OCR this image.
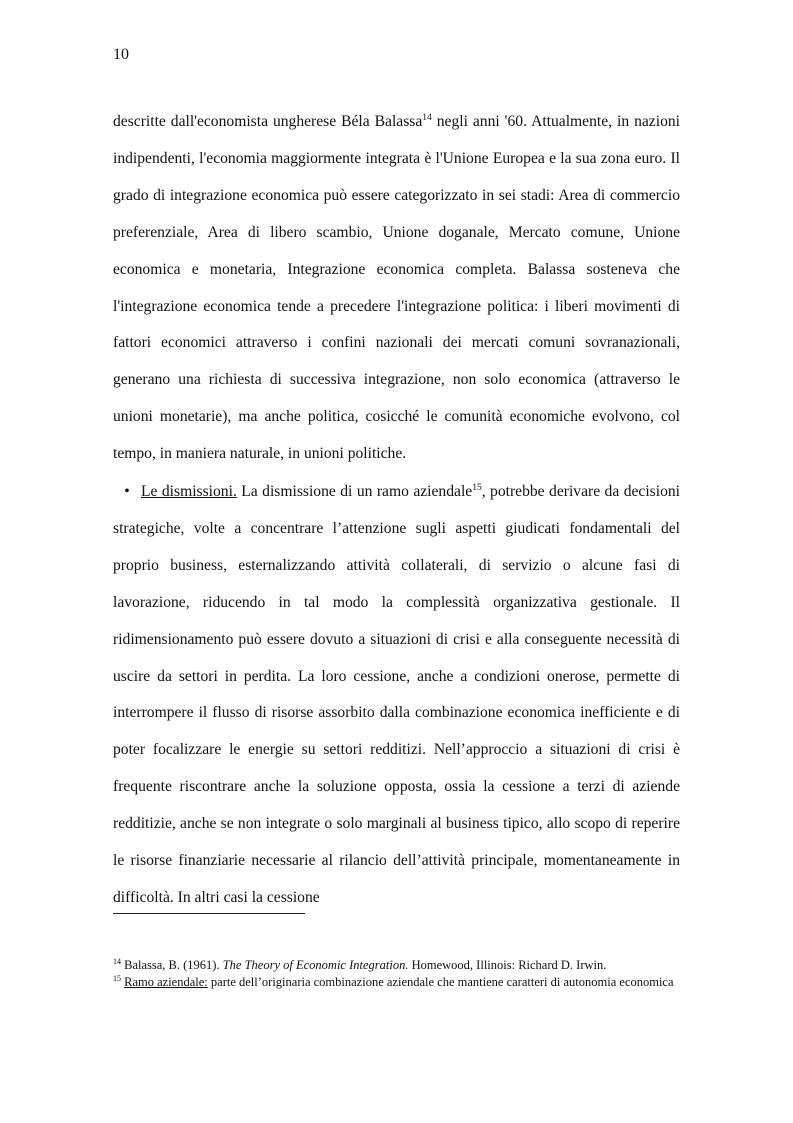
10

descritte dall'economista ungherese Béla Balassa$^{14}$ negli anni '60. Attualmente, in nazioni indipendenti, l'economia maggiormente integrata è l'Unione Europea e la sua zona euro. Il grado di integrazione economica può essere categorizzato in sei stadi: Area di commercio preferenziale, Area di libero scambio, Unione doganale, Mercato comune, Unione economica e monetaria, Integrazione economica completa. Balassa sosteneva che l'integrazione economica tende a precedere l'integrazione politica: i liberi movimenti di fattori economici attraverso i confini nazionali dei mercati comuni sovranazionali, generano una richiesta di successiva integrazione, non solo economica (attraverso le unioni monetarie), ma anche politica, cosicché le comunità economiche evolvono, col tempo, in maniera naturale, in unioni politiche.

• Le dismissioni. La dismissione di un ramo aziendale$^{15}$, potrebbe derivare da decisioni strategiche, volte a concentrare l’attenzione sugli aspetti giudicati fondamentali del proprio business, esternalizzando attività collaterali, di servizio o alcune fasi di lavorazione, riducendo in tal modo la complessità organizzativa gestionale. Il ridimensionamento può essere dovuto a situazioni di crisi e alla conseguente necessità di uscire da settori in perdita. La loro cessione, anche a condizioni onerose, permette di interrompere il flusso di risorse assorbito dalla combinazione economica inefficiente e di poter focalizzare le energie su settori redditizi. Nell’approccio a situazioni di crisi è frequente riscontrare anche la soluzione opposta, ossia la cessione a terzi di aziende redditizie, anche se non integrate o solo marginali al business tipico, allo scopo di reperire le risorse finanziarie necessarie al rilancio dell’attività principale, momentaneamente in difficoltà. In altri casi la cessione

$^{14}$ Balassa, B. (1961). The Theory of Economic Integration. Homewood, Illinois: Richard D. Irwin.

$^{15}$ Ramo aziendale: parte dell’originaria combinazione aziendale che mantiene caratteri di autonomia economica
